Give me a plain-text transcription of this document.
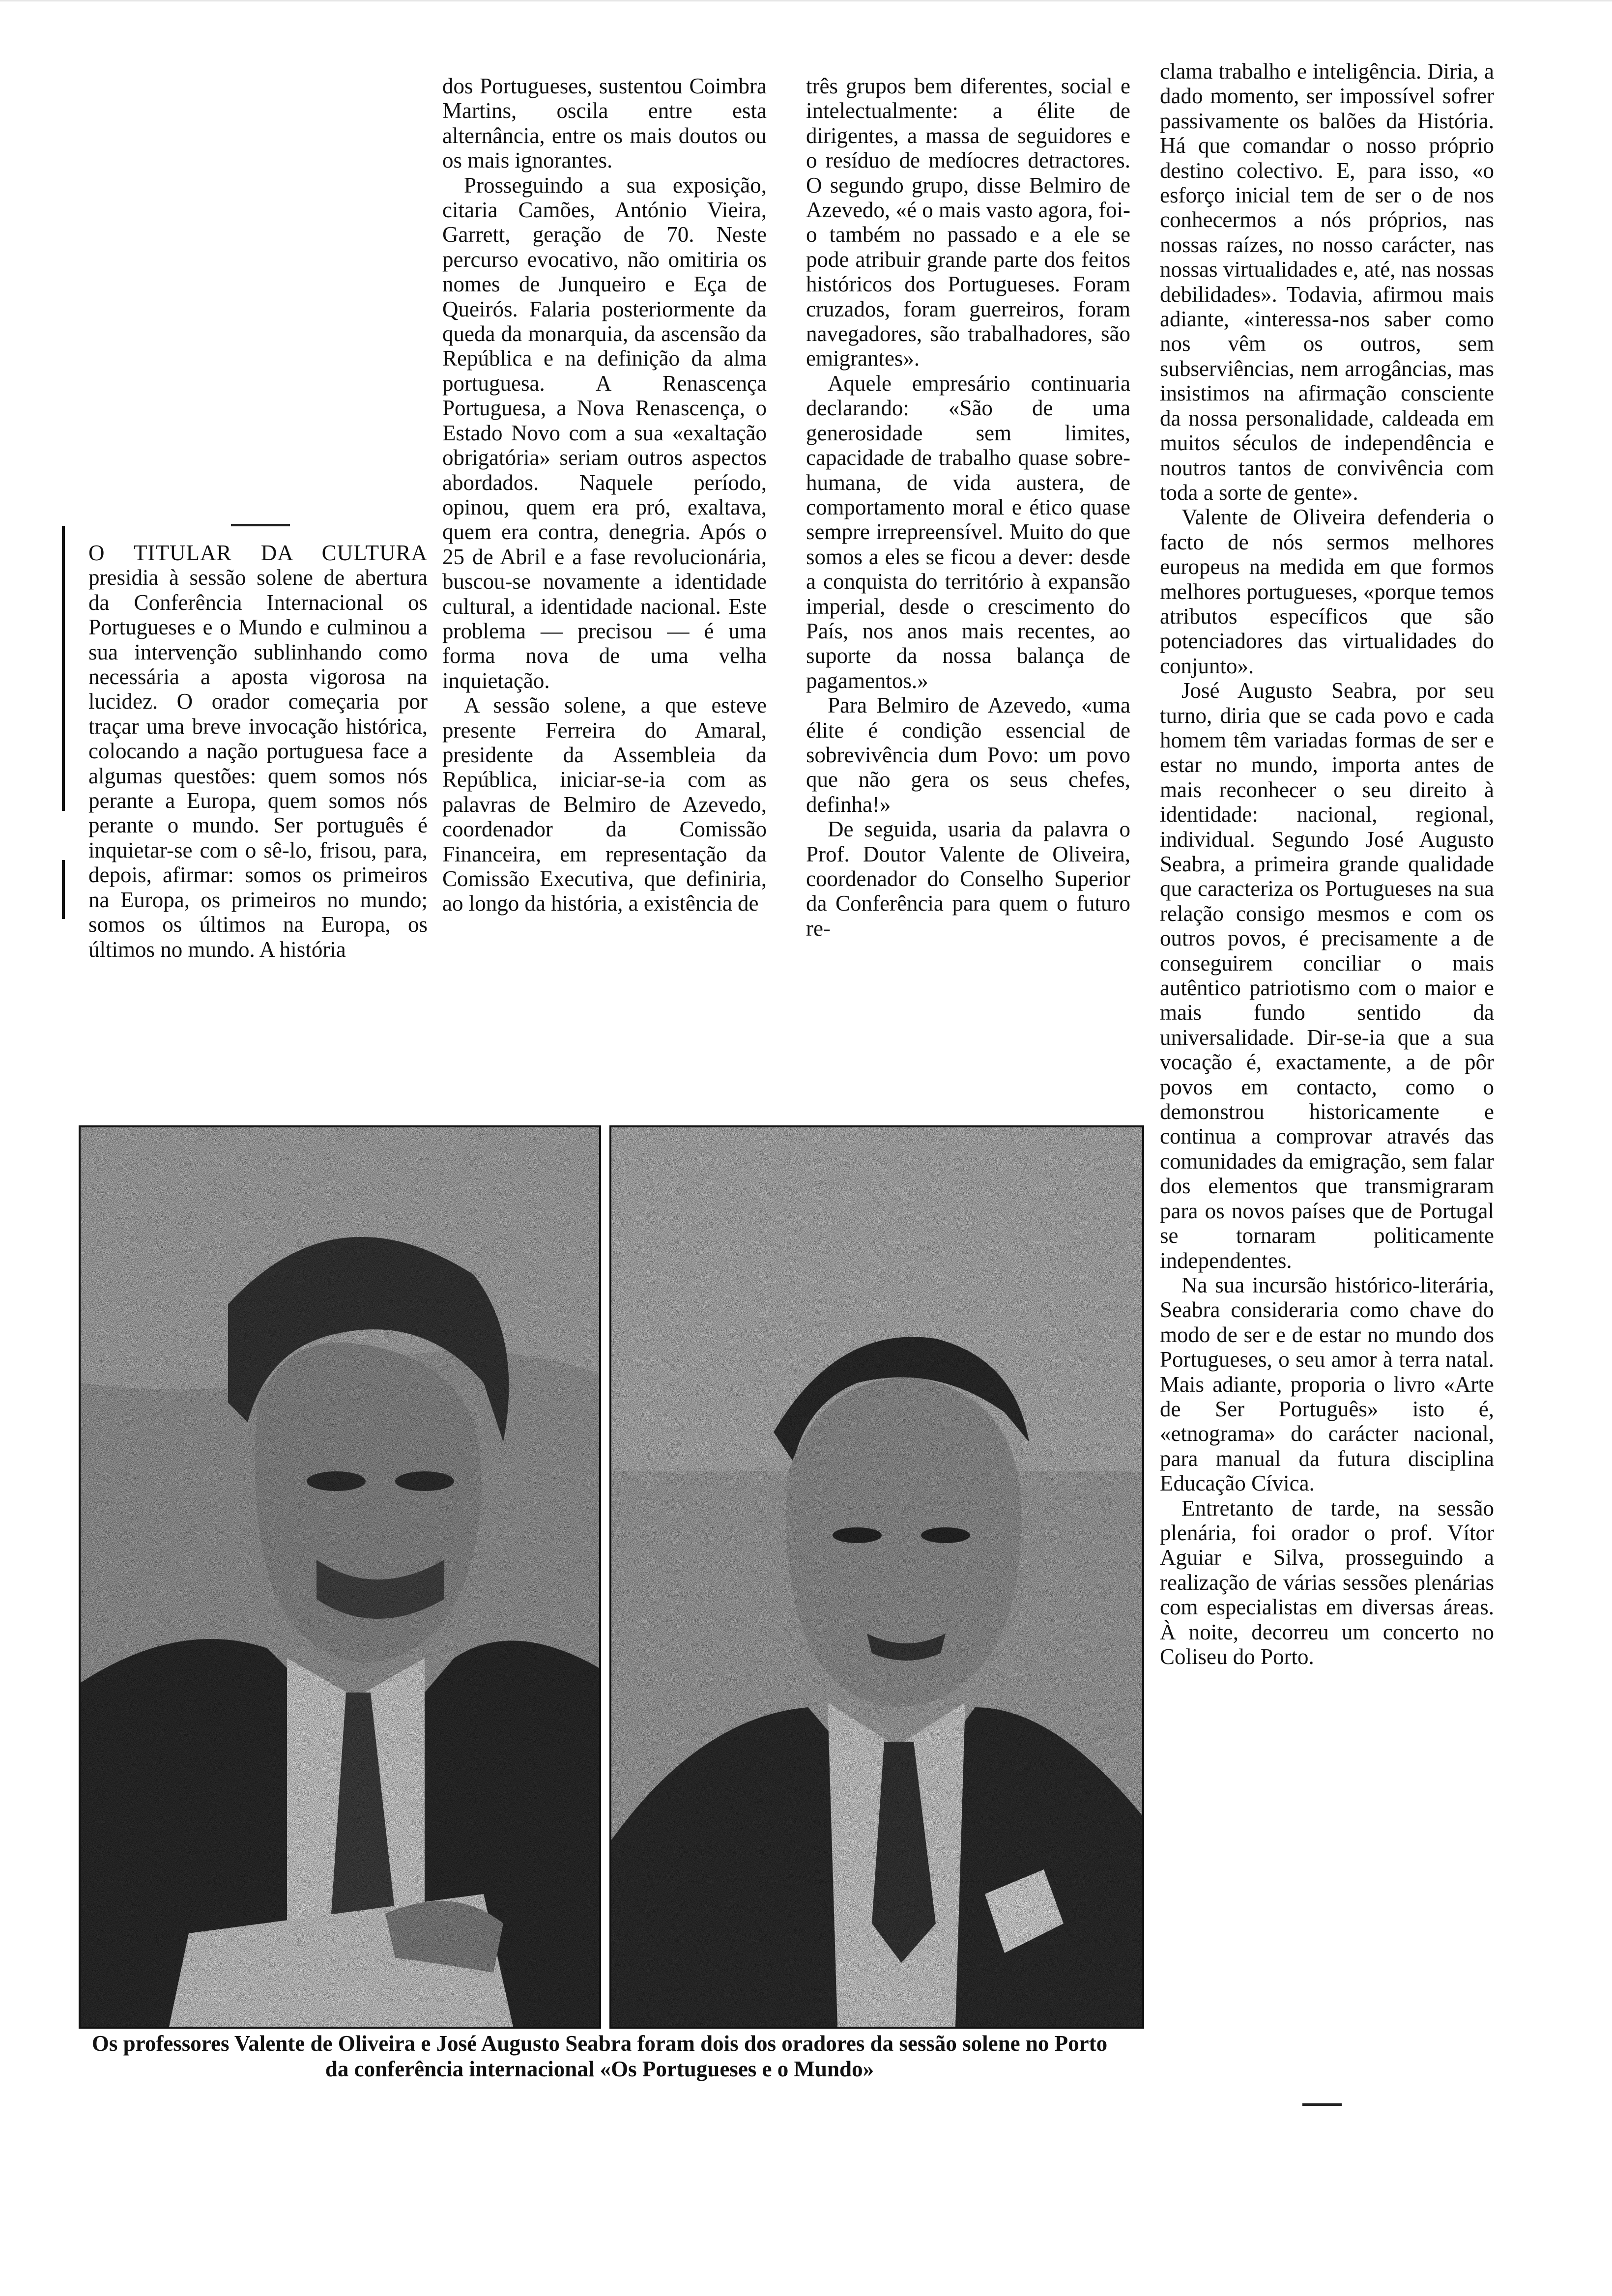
O TITULAR DA CULTURA presidia à sessão solene de abertura da Conferência Internacional os Portugueses e o Mundo e culminou a sua intervenção sublinhando como necessária a aposta vigorosa na lucidez. O orador começaria por traçar uma breve invocação histórica, colocando a nação portuguesa face a algumas questões: quem somos nós perante a Europa, quem somos nós perante o mundo. Ser português é inquietar-se com o sê-lo, frisou, para, depois, afirmar: somos os primeiros na Europa, os primeiros no mundo; somos os últimos na Europa, os últimos no mundo. A história

dos Portugueses, sustentou Coimbra Martins, oscila entre esta alternância, entre os mais doutos ou os mais ignorantes.

Prosseguindo a sua exposição, citaria Camões, António Vieira, Garrett, geração de 70. Neste percurso evocativo, não omitiria os nomes de Junqueiro e Eça de Queirós. Falaria posteriormente da queda da monarquia, da ascensão da República e na definição da alma portuguesa. A Renascença Portuguesa, a Nova Renascença, o Estado Novo com a sua «exaltação obrigatória» seriam outros aspectos abordados. Naquele período, opinou, quem era pró, exaltava, quem era contra, denegria. Após o 25 de Abril e a fase revolucionária, buscou-se novamente a identidade cultural, a identidade nacional. Este problema — precisou — é uma forma nova de uma velha inquietação.

A sessão solene, a que esteve presente Ferreira do Amaral, presidente da Assembleia da República, iniciar-se-ia com as palavras de Belmiro de Azevedo, coordenador da Comissão Financeira, em representação da Comissão Executiva, que definiria, ao longo da história, a existência de

três grupos bem diferentes, social e intelectualmente: a élite de dirigentes, a massa de seguidores e o resíduo de medíocres detractores. O segundo grupo, disse Belmiro de Azevedo, «é o mais vasto agora, foi-o também no passado e a ele se pode atribuir grande parte dos feitos históricos dos Portugueses. Foram cruzados, foram guerreiros, foram navegadores, são trabalhadores, são emigrantes».

Aquele empresário continuaria declarando: «São de uma generosidade sem limites, capacidade de trabalho quase sobre-humana, de vida austera, de comportamento moral e ético quase sempre irrepreensível. Muito do que somos a eles se ficou a dever: desde a conquista do território à expansão imperial, desde o crescimento do País, nos anos mais recentes, ao suporte da nossa balança de pagamentos.»

Para Belmiro de Azevedo, «uma élite é condição essencial de sobrevivência dum Povo: um povo que não gera os seus chefes, definha!»

De seguida, usaria da palavra o Prof. Doutor Valente de Oliveira, coordenador do Conselho Superior da Conferência para quem o futuro re-

clama trabalho e inteligência. Diria, a dado momento, ser impossível sofrer passivamente os balões da História. Há que comandar o nosso próprio destino colectivo. E, para isso, «o esforço inicial tem de ser o de nos conhecermos a nós próprios, nas nossas raízes, no nosso carácter, nas nossas virtualidades e, até, nas nossas debilidades». Todavia, afirmou mais adiante, «interessa-nos saber como nos vêm os outros, sem subserviências, nem arrogâncias, mas insistimos na afirmação consciente da nossa personalidade, caldeada em muitos séculos de independência e noutros tantos de convivência com toda a sorte de gente».

Valente de Oliveira defenderia o facto de nós sermos melhores europeus na medida em que formos melhores portugueses, «porque temos atributos específicos que são potenciadores das virtualidades do conjunto».

José Augusto Seabra, por seu turno, diria que se cada povo e cada homem têm variadas formas de ser e estar no mundo, importa antes de mais reconhecer o seu direito à identidade: nacional, regional, individual. Segundo José Augusto Seabra, a primeira grande qualidade que caracteriza os Portugueses na sua relação consigo mesmos e com os outros povos, é precisamente a de conseguirem conciliar o mais autêntico patriotismo com o maior e mais fundo sentido da universalidade. Dir-se-ia que a sua vocação é, exactamente, a de pôr povos em contacto, como o demonstrou historicamente e continua a comprovar através das comunidades da emigração, sem falar dos elementos que transmigraram para os novos países que de Portugal se tornaram politicamente independentes.

Na sua incursão histórico-literária, Seabra consideraria como chave do modo de ser e de estar no mundo dos Portugueses, o seu amor à terra natal. Mais adiante, proporia o livro «Arte de Ser Português» isto é, «etnograma» do carácter nacional, para manual da futura disciplina Educação Cívica.

Entretanto de tarde, na sessão plenária, foi orador o prof. Vítor Aguiar e Silva, prosseguindo a realização de várias sessões plenárias com especialistas em diversas áreas. À noite, decorreu um concerto no Coliseu do Porto.

Os professores Valente de Oliveira e José Augusto Seabra foram dois dos oradores da sessão solene no Porto da conferência internacional «Os Portugueses e o Mundo»
